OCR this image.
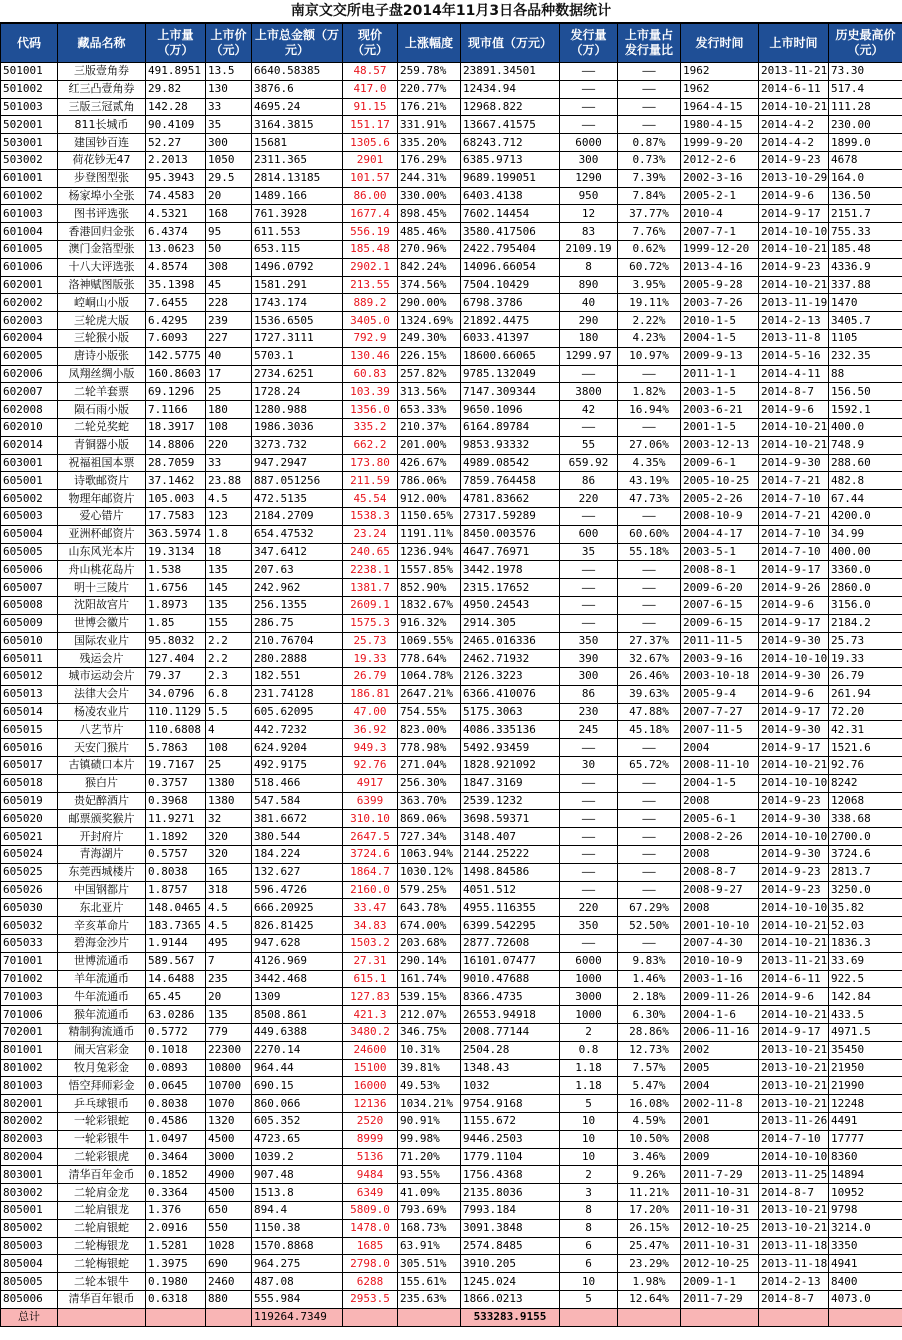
南京文交所电子盘2014年11月3日各品种数据统计
代码	藏品名称	上市量（万）	上市价（元）	上市总金额（万元）	现价（元）	上涨幅度	现市值（万元）	发行量（万）	上市量占发行量比	发行时间	上市时间	历史最高价（元）
501001	三版壹角券	491.8951	13.5	6640.58385	48.57	259.78%	23891.34501	——	——	1962	2013-11-21	73.30
501002	红三凸壹角券	29.82	130	3876.6	417.0	220.77%	12434.94	——	——	1962	2014-6-11	517.4
501003	三版三冠贰角	142.28	33	4695.24	91.15	176.21%	12968.822	——	——	1964-4-15	2014-10-21	111.28
502001	811长城币	90.4109	35	3164.3815	151.17	331.91%	13667.41575	——	——	1980-4-15	2014-4-2	230.00
503001	建国钞百连	52.27	300	15681	1305.6	335.20%	68243.712	6000	0.87%	1999-9-20	2014-4-2	1899.0
503002	荷花钞无47	2.2013	1050	2311.365	2901	176.29%	6385.9713	300	0.73%	2012-2-6	2014-9-23	4678
601001	步登图型张	95.3943	29.5	2814.13185	101.57	244.31%	9689.199051	1290	7.39%	2002-3-16	2013-10-29	164.0
601002	杨家埠小全张	74.4583	20	1489.166	86.00	330.00%	6403.4138	950	7.84%	2005-2-1	2014-9-6	136.50
601003	图书评选张	4.5321	168	761.3928	1677.4	898.45%	7602.14454	12	37.77%	2010-4	2014-9-17	2151.7
601004	香港回归金张	6.4374	95	611.553	556.19	485.46%	3580.417506	83	7.76%	2007-7-1	2014-10-10	755.33
601005	澳门金箔型张	13.0623	50	653.115	185.48	270.96%	2422.795404	2109.19	0.62%	1999-12-20	2014-10-21	185.48
601006	十八大评选张	4.8574	308	1496.0792	2902.1	842.24%	14096.66054	8	60.72%	2013-4-16	2014-9-23	4336.9
602001	洛神赋图版张	35.1398	45	1581.291	213.55	374.56%	7504.10429	890	3.95%	2005-9-28	2014-10-21	337.88
602002	崆峒山小版	7.6455	228	1743.174	889.2	290.00%	6798.3786	40	19.11%	2003-7-26	2013-11-19	1470
602003	三轮虎大版	6.4295	239	1536.6505	3405.0	1324.69%	21892.4475	290	2.22%	2010-1-5	2014-2-13	3405.7
602004	三轮猴小版	7.6093	227	1727.3111	792.9	249.30%	6033.41397	180	4.23%	2004-1-5	2013-11-8	1105
602005	唐诗小版张	142.5775	40	5703.1	130.46	226.15%	18600.66065	1299.97	10.97%	2009-9-13	2014-5-16	232.35
602006	凤翔丝绸小版	160.8603	17	2734.6251	60.83	257.82%	9785.132049	——	——	2011-1-1	2014-4-11	88
602007	二轮羊套票	69.1296	25	1728.24	103.39	313.56%	7147.309344	3800	1.82%	2003-1-5	2014-8-7	156.50
602008	陨石雨小版	7.1166	180	1280.988	1356.0	653.33%	9650.1096	42	16.94%	2003-6-21	2014-9-6	1592.1
602010	二轮兑奖蛇	18.3917	108	1986.3036	335.2	210.37%	6164.89784	——	——	2001-1-5	2014-10-21	400.0
602014	青铜器小版	14.8806	220	3273.732	662.2	201.00%	9853.93332	55	27.06%	2003-12-13	2014-10-21	748.9
603001	祝福祖国本票	28.7059	33	947.2947	173.80	426.67%	4989.08542	659.92	4.35%	2009-6-1	2014-9-30	288.60
605001	诗歌邮资片	37.1462	23.88	887.051256	211.59	786.06%	7859.764458	86	43.19%	2005-10-25	2014-7-21	482.8
605002	物理年邮资片	105.003	4.5	472.5135	45.54	912.00%	4781.83662	220	47.73%	2005-2-26	2014-7-10	67.44
605003	爱心错片	17.7583	123	2184.2709	1538.3	1150.65%	27317.59289	——	——	2008-10-9	2014-7-21	4200.0
605004	亚洲杯邮资片	363.5974	1.8	654.47532	23.24	1191.11%	8450.003576	600	60.60%	2004-4-17	2014-7-10	34.99
605005	山东风光本片	19.3134	18	347.6412	240.65	1236.94%	4647.76971	35	55.18%	2003-5-1	2014-7-10	400.00
605006	舟山桃花岛片	1.538	135	207.63	2238.1	1557.85%	3442.1978	——	——	2008-8-1	2014-9-17	3360.0
605007	明十三陵片	1.6756	145	242.962	1381.7	852.90%	2315.17652	——	——	2009-6-20	2014-9-26	2860.0
605008	沈阳故宫片	1.8973	135	256.1355	2609.1	1832.67%	4950.24543	——	——	2007-6-15	2014-9-6	3156.0
605009	世博会徽片	1.85	155	286.75	1575.3	916.32%	2914.305	——	——	2009-6-15	2014-9-17	2184.2
605010	国际农业片	95.8032	2.2	210.76704	25.73	1069.55%	2465.016336	350	27.37%	2011-11-5	2014-9-30	25.73
605011	残运会片	127.404	2.2	280.2888	19.33	778.64%	2462.71932	390	32.67%	2003-9-16	2014-10-10	19.33
605012	城市运动会片	79.37	2.3	182.551	26.79	1064.78%	2126.3223	300	26.46%	2003-10-18	2014-9-30	26.79
605013	法律大会片	34.0796	6.8	231.74128	186.81	2647.21%	6366.410076	86	39.63%	2005-9-4	2014-9-6	261.94
605014	杨凌农业片	110.1129	5.5	605.62095	47.00	754.55%	5175.3063	230	47.88%	2007-7-27	2014-9-17	72.20
605015	八艺节片	110.6808	4	442.7232	36.92	823.00%	4086.335136	245	45.18%	2007-11-5	2014-9-30	42.31
605016	天安门猴片	5.7863	108	624.9204	949.3	778.98%	5492.93459	——	——	2004	2014-9-17	1521.6
605017	古镇碛口本片	19.7167	25	492.9175	92.76	271.04%	1828.921092	30	65.72%	2008-11-10	2014-10-21	92.76
605018	猴白片	0.3757	1380	518.466	4917	256.30%	1847.3169	——	——	2004-1-5	2014-10-10	8242
605019	贵妃醉酒片	0.3968	1380	547.584	6399	363.70%	2539.1232	——	——	2008	2014-9-23	12068
605020	邮票颁奖猴片	11.9271	32	381.6672	310.10	869.06%	3698.59371	——	——	2005-6-1	2014-9-30	338.68
605021	开封府片	1.1892	320	380.544	2647.5	727.34%	3148.407	——	——	2008-2-26	2014-10-10	2700.0
605024	青海湖片	0.5757	320	184.224	3724.6	1063.94%	2144.25222	——	——	2008	2014-9-30	3724.6
605025	东莞西城楼片	0.8038	165	132.627	1864.7	1030.12%	1498.84586	——	——	2008-8-7	2014-9-23	2813.7
605026	中国钢都片	1.8757	318	596.4726	2160.0	579.25%	4051.512	——	——	2008-9-27	2014-9-23	3250.0
605030	东北亚片	148.0465	4.5	666.20925	33.47	643.78%	4955.116355	220	67.29%	2008	2014-10-10	35.82
605032	辛亥革命片	183.7365	4.5	826.81425	34.83	674.00%	6399.542295	350	52.50%	2001-10-10	2014-10-21	52.03
605033	碧海金沙片	1.9144	495	947.628	1503.2	203.68%	2877.72608	——	——	2007-4-30	2014-10-21	1836.3
701001	世博流通币	589.567	7	4126.969	27.31	290.14%	16101.07477	6000	9.83%	2010-10-9	2013-11-21	33.69
701002	羊年流通币	14.6488	235	3442.468	615.1	161.74%	9010.47688	1000	1.46%	2003-1-16	2014-6-11	922.5
701003	牛年流通币	65.45	20	1309	127.83	539.15%	8366.4735	3000	2.18%	2009-11-26	2014-9-6	142.84
701006	猴年流通币	63.0286	135	8508.861	421.3	212.07%	26553.94918	1000	6.30%	2004-1-6	2014-10-21	433.5
702001	精制狗流通币	0.5772	779	449.6388	3480.2	346.75%	2008.77144	2	28.86%	2006-11-16	2014-9-17	4971.5
801001	闹天宫彩金	0.1018	22300	2270.14	24600	10.31%	2504.28	0.8	12.73%	2002	2013-10-21	35450
801002	牧月兔彩金	0.0893	10800	964.44	15100	39.81%	1348.43	1.18	7.57%	2005	2013-10-21	21950
801003	悟空拜师彩金	0.0645	10700	690.15	16000	49.53%	1032	1.18	5.47%	2004	2013-10-21	21990
802001	乒乓球银币	0.8038	1070	860.066	12136	1034.21%	9754.9168	5	16.08%	2002-11-8	2013-10-21	12248
802002	一轮彩银蛇	0.4586	1320	605.352	2520	90.91%	1155.672	10	4.59%	2001	2013-11-26	4491
802003	一轮彩银牛	1.0497	4500	4723.65	8999	99.98%	9446.2503	10	10.50%	2008	2014-7-10	17777
802004	二轮彩银虎	0.3464	3000	1039.2	5136	71.20%	1779.1104	10	3.46%	2009	2014-10-10	8360
803001	清华百年金币	0.1852	4900	907.48	9484	93.55%	1756.4368	2	9.26%	2011-7-29	2013-11-25	14894
803002	二轮肩金龙	0.3364	4500	1513.8	6349	41.09%	2135.8036	3	11.21%	2011-10-31	2014-8-7	10952
805001	二轮肩银龙	1.376	650	894.4	5809.0	793.69%	7993.184	8	17.20%	2011-10-31	2013-10-21	9798
805002	二轮肩银蛇	2.0916	550	1150.38	1478.0	168.73%	3091.3848	8	26.15%	2012-10-25	2013-10-21	3214.0
805003	二轮梅银龙	1.5281	1028	1570.8868	1685	63.91%	2574.8485	6	25.47%	2011-10-31	2013-11-18	3350
805004	二轮梅银蛇	1.3975	690	964.275	2798.0	305.51%	3910.205	6	23.29%	2012-10-25	2013-11-18	4941
805005	二轮本银牛	0.1980	2460	487.08	6288	155.61%	1245.024	10	1.98%	2009-1-1	2014-2-13	8400
805006	清华百年银币	0.6318	880	555.984	2953.5	235.63%	1866.0213	5	12.64%	2011-7-29	2014-8-7	4073.0
总计				119264.7349			533283.9155					
